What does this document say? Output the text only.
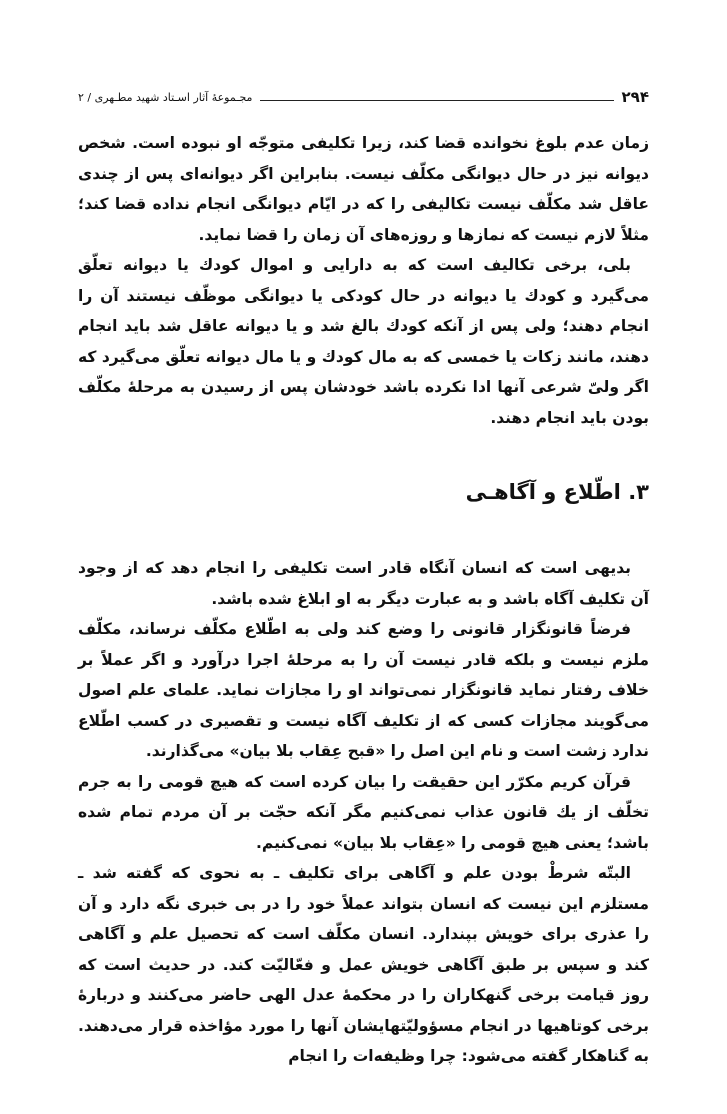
۲۹۴
مجـموعهٔ آثار اسـتاد شهید مطـهری / ۲

زمان عدم بلوغ نخوانده قضا کند، زیرا تکلیفی متوجّه او نبوده است. شخص دیوانه نیز در حال دیوانگی مکلّف نیست. بنابراین اگر دیوانه‌ای پس از چندی عاقل شد مکلّف نیست تکالیفی را که در ایّام دیوانگی انجام نداده قضا کند؛ مثلاً لازم نیست که نمازها و روزه‌های آن زمان را قضا نماید.

بلی، برخی تکالیف است که به دارایی و اموال کودك یا دیوانه تعلّق می‌گیرد و کودك یا دیوانه در حال کودکی یا دیوانگی موظّف نیستند آن را انجام دهند؛ ولی پس از آنکه کودك بالغ شد و یا دیوانه عاقل شد باید انجام دهند، مانند زکات یا خمسی که به مال کودك و یا مال دیوانه تعلّق می‌گیرد که اگر ولیّ شرعی آنها ادا نکرده باشد خودشان پس از رسیدن به مرحلهٔ مکلّف بودن باید انجام دهند.

۳. اطّلاع و آگاهـی

بدیهی است که انسان آنگاه قادر است تکلیفی را انجام دهد که از وجود آن تکلیف آگاه باشد و به عبارت دیگر به او ابلاغ شده باشد.

فرضاً قانونگزار قانونی را وضع کند ولی به اطّلاع مکلّف نرساند، مکلّف ملزم نیست و بلکه قادر نیست آن را به مرحلهٔ اجرا درآورد و اگر عملاً بر خلاف رفتار نماید قانونگزار نمی‌تواند او را مجازات نماید. علمای علم اصول می‌گویند مجازات کسی که از تکلیف آگاه نیست و تقصیری در کسب اطّلاع ندارد زشت است و نام این اصل را «قبح عِقاب بلا بیان» می‌گذارند.

قرآن کریم مکرّر این حقیقت را بیان کرده است که هیچ قومی را به جرم تخلّف از یك قانون عذاب نمی‌کنیم مگر آنکه حجّت بر آن مردم تمام شده باشد؛ یعنی هیچ قومی را «عِقاب بلا بیان» نمی‌کنیم.

البتّه شرطْ بودن علم و آگاهی برای تکلیف ـ به نحوی که گفته شد ـ مستلزم این نیست که انسان بتواند عملاً خود را در بی خبری نگه دارد و آن را عذری برای خویش بپندارد. انسان مکلّف است که تحصیل علم و آگاهی کند و سپس بر طبق آگاهی خویش عمل و فعّالیّت کند. در حدیث است که روز قیامت برخی گنهکاران را در محکمهٔ عدل الهی حاضر می‌کنند و دربارهٔ برخی کوتاهیها در انجام مسؤولیّتهایشان آنها را مورد مؤاخذه قرار می‌دهند. به گناهکار گفته می‌شود: چرا وظیفه‌ات را انجام
